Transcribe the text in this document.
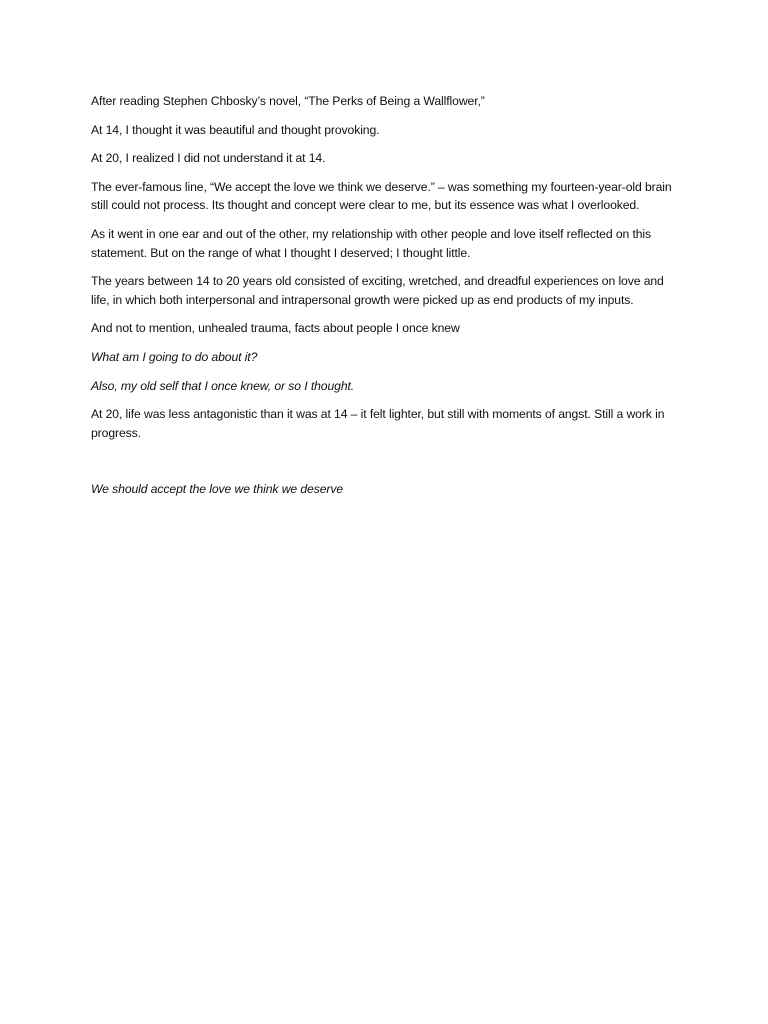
After reading Stephen Chbosky’s novel, “The Perks of Being a Wallflower,”

At 14, I thought it was beautiful and thought provoking.

At 20, I realized I did not understand it at 14.

The ever-famous line, “We accept the love we think we deserve.” – was something my fourteen-year-old brain still could not process. Its thought and concept were clear to me, but its essence was what I overlooked.

As it went in one ear and out of the other, my relationship with other people and love itself reflected on this statement. But on the range of what I thought I deserved; I thought little.

The years between 14 to 20 years old consisted of exciting, wretched, and dreadful experiences on love and life, in which both interpersonal and intrapersonal growth were picked up as end products of my inputs.

And not to mention, unhealed trauma, facts about people I once knew

What am I going to do about it?

Also, my old self that I once knew, or so I thought.

At 20, life was less antagonistic than it was at 14 – it felt lighter, but still with moments of angst. Still a work in progress.

We should accept the love we think we deserve
